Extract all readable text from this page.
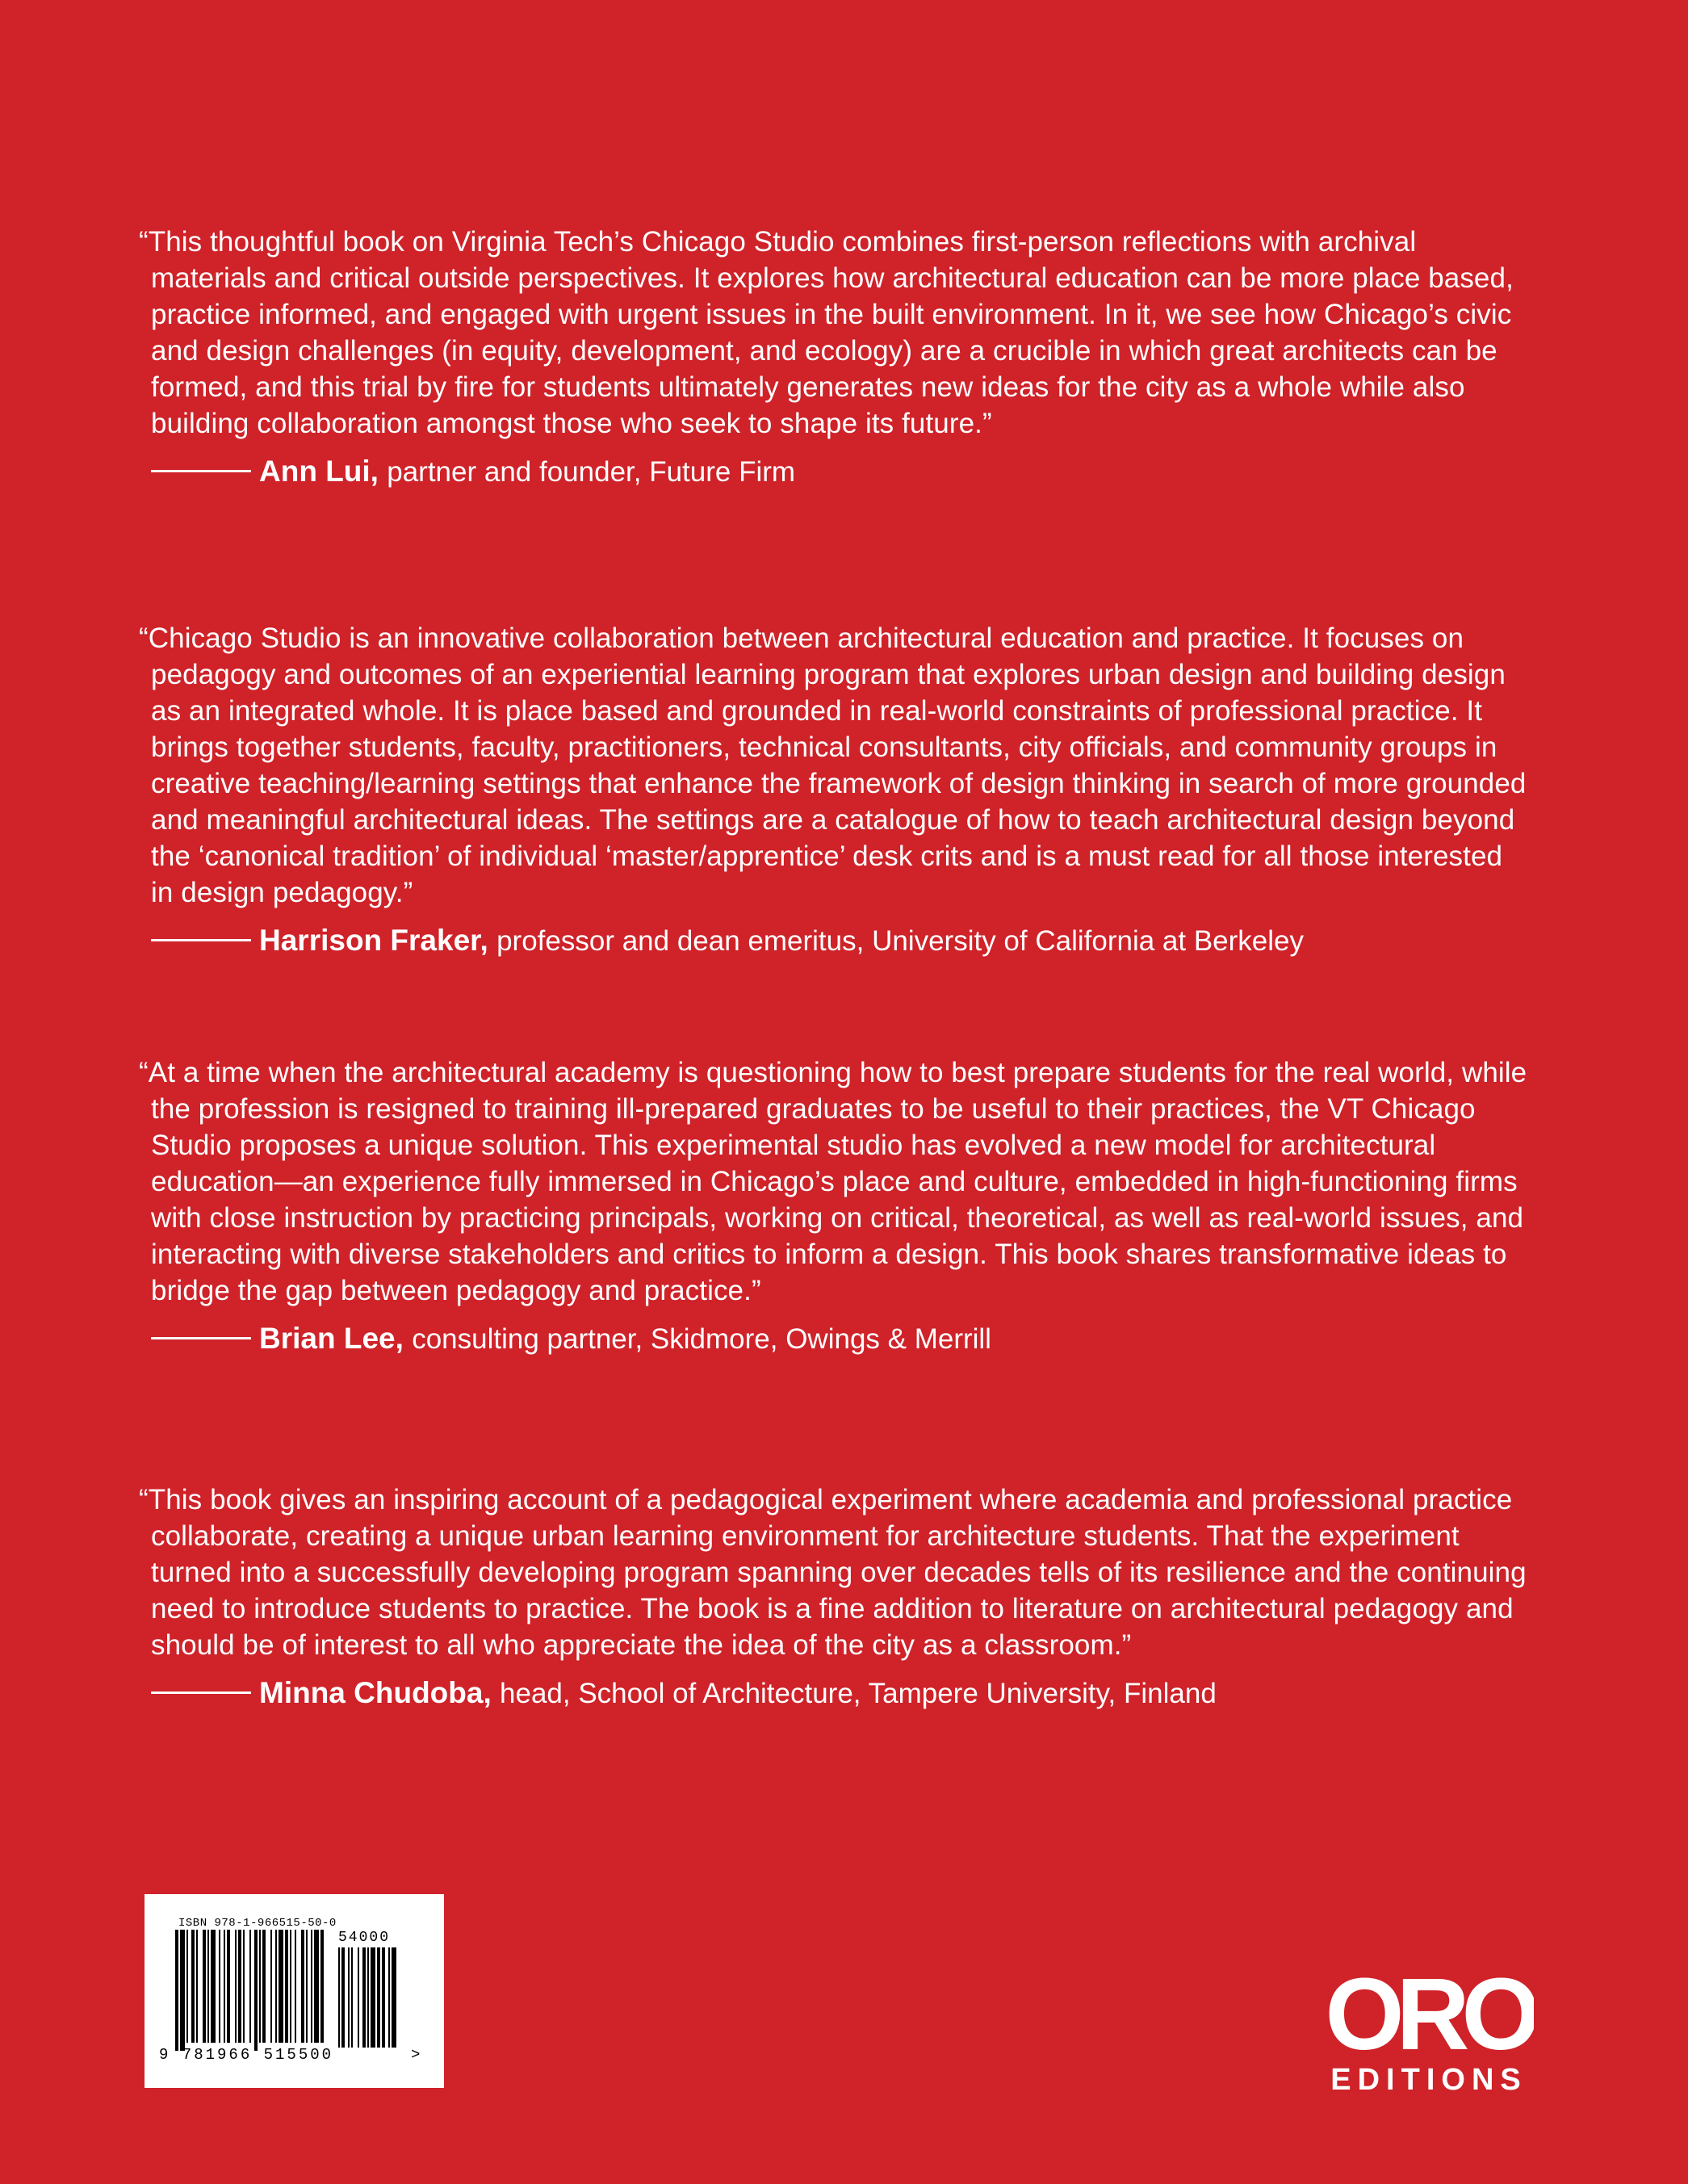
“This thoughtful book on Virginia Tech’s Chicago Studio combines first-person reflections with archival materials and critical outside perspectives. It explores how architectural education can be more place based, practice informed, and engaged with urgent issues in the built environment. In it, we see how Chicago’s civic and design challenges (in equity, development, and ecology) are a crucible in which great architects can be formed, and this trial by fire for students ultimately generates new ideas for the city as a whole while also building collaboration amongst those who seek to shape its future.”

Ann Lui, partner and founder, Future Firm

“Chicago Studio is an innovative collaboration between architectural education and practice. It focuses on pedagogy and outcomes of an experiential learning program that explores urban design and building design as an integrated whole. It is place based and grounded in real-world constraints of professional practice. It brings together students, faculty, practitioners, technical consultants, city officials, and community groups in creative teaching/learning settings that enhance the framework of design thinking in search of more grounded and meaningful architectural ideas. The settings are a catalogue of how to teach architectural design beyond the ‘canonical tradition’ of individual ‘master/apprentice’ desk crits and is a must read for all those interested in design pedagogy.”

Harrison Fraker, professor and dean emeritus, University of California at Berkeley

“At a time when the architectural academy is questioning how to best prepare students for the real world, while the profession is resigned to training ill-prepared graduates to be useful to their practices, the VT Chicago Studio proposes a unique solution. This experimental studio has evolved a new model for architectural education—an experience fully immersed in Chicago’s place and culture, embedded in high-functioning firms with close instruction by practicing principals, working on critical, theoretical, as well as real-world issues, and interacting with diverse stakeholders and critics to inform a design. This book shares transformative ideas to bridge the gap between pedagogy and practice.”

Brian Lee, consulting partner, Skidmore, Owings & Merrill

“This book gives an inspiring account of a pedagogical experiment where academia and professional practice collaborate, creating a unique urban learning environment for architecture students. That the experiment turned into a successfully developing program spanning over decades tells of its resilience and the continuing need to introduce students to practice. The book is a fine addition to literature on architectural pedagogy and should be of interest to all who appreciate the idea of the city as a classroom.”

Minna Chudoba, head, School of Architecture, Tampere University, Finland
ISBN 978-1-966515-50-0
54000
9 781966 515500	>	ORO
EDITIONS
